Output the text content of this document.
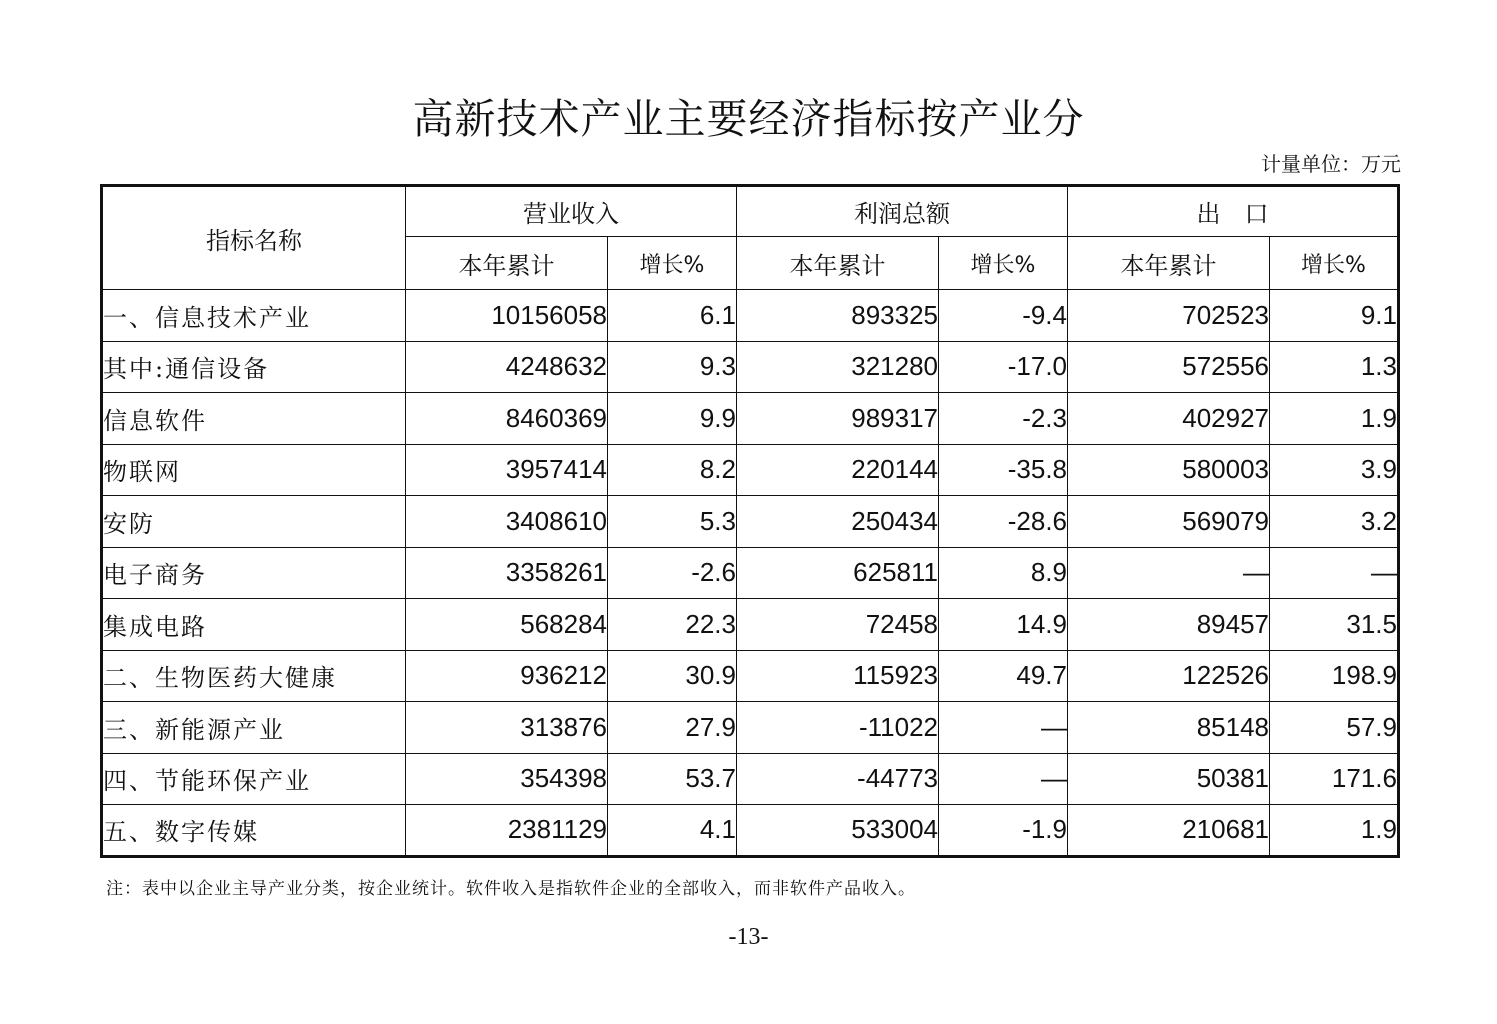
高新技术产业主要经济指标按产业分
计量单位：万元
指标名称	营业收入		利润总额		出　口	
	本年累计	增长%	本年累计	增长%	本年累计	增长%
一、信息技术产业	10156058	6.1	893325	-9.4	702523	9.1
其中:通信设备	4248632	9.3	321280	-17.0	572556	1.3
信息软件	8460369	9.9	989317	-2.3	402927	1.9
物联网	3957414	8.2	220144	-35.8	580003	3.9
安防	3408610	5.3	250434	-28.6	569079	3.2
电子商务	3358261	-2.6	625811	8.9	—	—
集成电路	568284	22.3	72458	14.9	89457	31.5
二、生物医药大健康	936212	30.9	115923	49.7	122526	198.9
三、新能源产业	313876	27.9	-11022	—	85148	57.9
四、节能环保产业	354398	53.7	-44773	—	50381	171.6
五、数字传媒	2381129	4.1	533004	-1.9	210681	1.9
注：表中以企业主导产业分类，按企业统计。软件收入是指软件企业的全部收入，而非软件产品收入。
-13-
